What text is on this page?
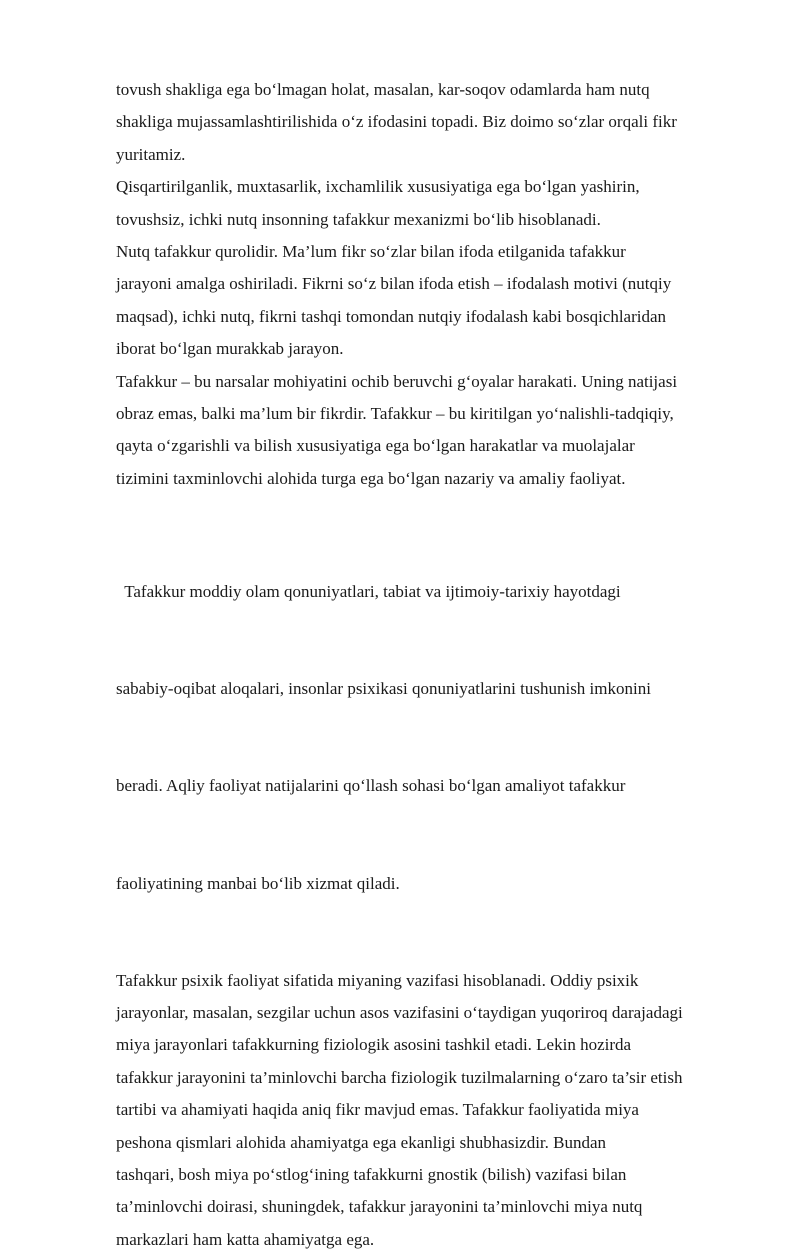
tovush shakliga ega bo‘lmagan holat, masalan, kar-soqov odamlarda ham nutq
shakliga mujassamlashtirilishida o‘z ifodasini topadi. Biz doimo so‘zlar orqali fikr
yuritamiz.

Qisqartirilganlik, muxtasarlik, ixchamlilik xususiyatiga ega bo‘lgan yashirin,
tovushsiz, ichki nutq insonning tafakkur mexanizmi bo‘lib hisoblanadi.

Nutq tafakkur qurolidir. Ma’lum fikr so‘zlar bilan ifoda etilganida tafakkur
jarayoni amalga oshiriladi. Fikrni so‘z bilan ifoda etish – ifodalash motivi (nutqiy
maqsad), ichki nutq, fikrni tashqi tomondan nutqiy ifodalash kabi bosqichlaridan
iborat bo‘lgan murakkab jarayon.

Tafakkur – bu narsalar mohiyatini ochib beruvchi g‘oyalar harakati. Uning natijasi
obraz emas, balki ma’lum bir fikrdir. Tafakkur – bu kiritilgan yo‘nalishli-tadqiqiy,
qayta o‘zgarishli va bilish xususiyatiga ega bo‘lgan harakatlar va muolajalar
tizimini taxminlovchi alohida turga ega bo‘lgan nazariy va amaliy faoliyat.

Tafakkur moddiy olam qonuniyatlari, tabiat va ijtimoiy-tarixiy hayotdagi

sababiy-oqibat aloqalari, insonlar psixikasi qonuniyatlarini tushunish imkonini

beradi. Aqliy faoliyat natijalarini qo‘llash sohasi bo‘lgan amaliyot tafakkur

faoliyatining manbai bo‘lib xizmat qiladi.

Tafakkur psixik faoliyat sifatida miyaning vazifasi hisoblanadi. Oddiy psixik
jarayonlar, masalan, sezgilar uchun asos vazifasini o‘taydigan yuqoriroq darajadagi
miya jarayonlari tafakkurning fiziologik asosini tashkil etadi. Lekin hozirda
tafakkur jarayonini ta’minlovchi barcha fiziologik tuzilmalarning o‘zaro ta’sir etish
tartibi va ahamiyati haqida aniq fikr mavjud emas. Tafakkur faoliyatida miya
peshona qismlari alohida ahamiyatga ega ekanligi shubhasizdir. Bundan
tashqari, bosh miya po‘stlog‘ining tafakkurni gnostik (bilish) vazifasi bilan
ta’minlovchi doirasi, shuningdek, tafakkur jarayonini ta’minlovchi miya nutq
markazlari ham katta ahamiyatga ega.
